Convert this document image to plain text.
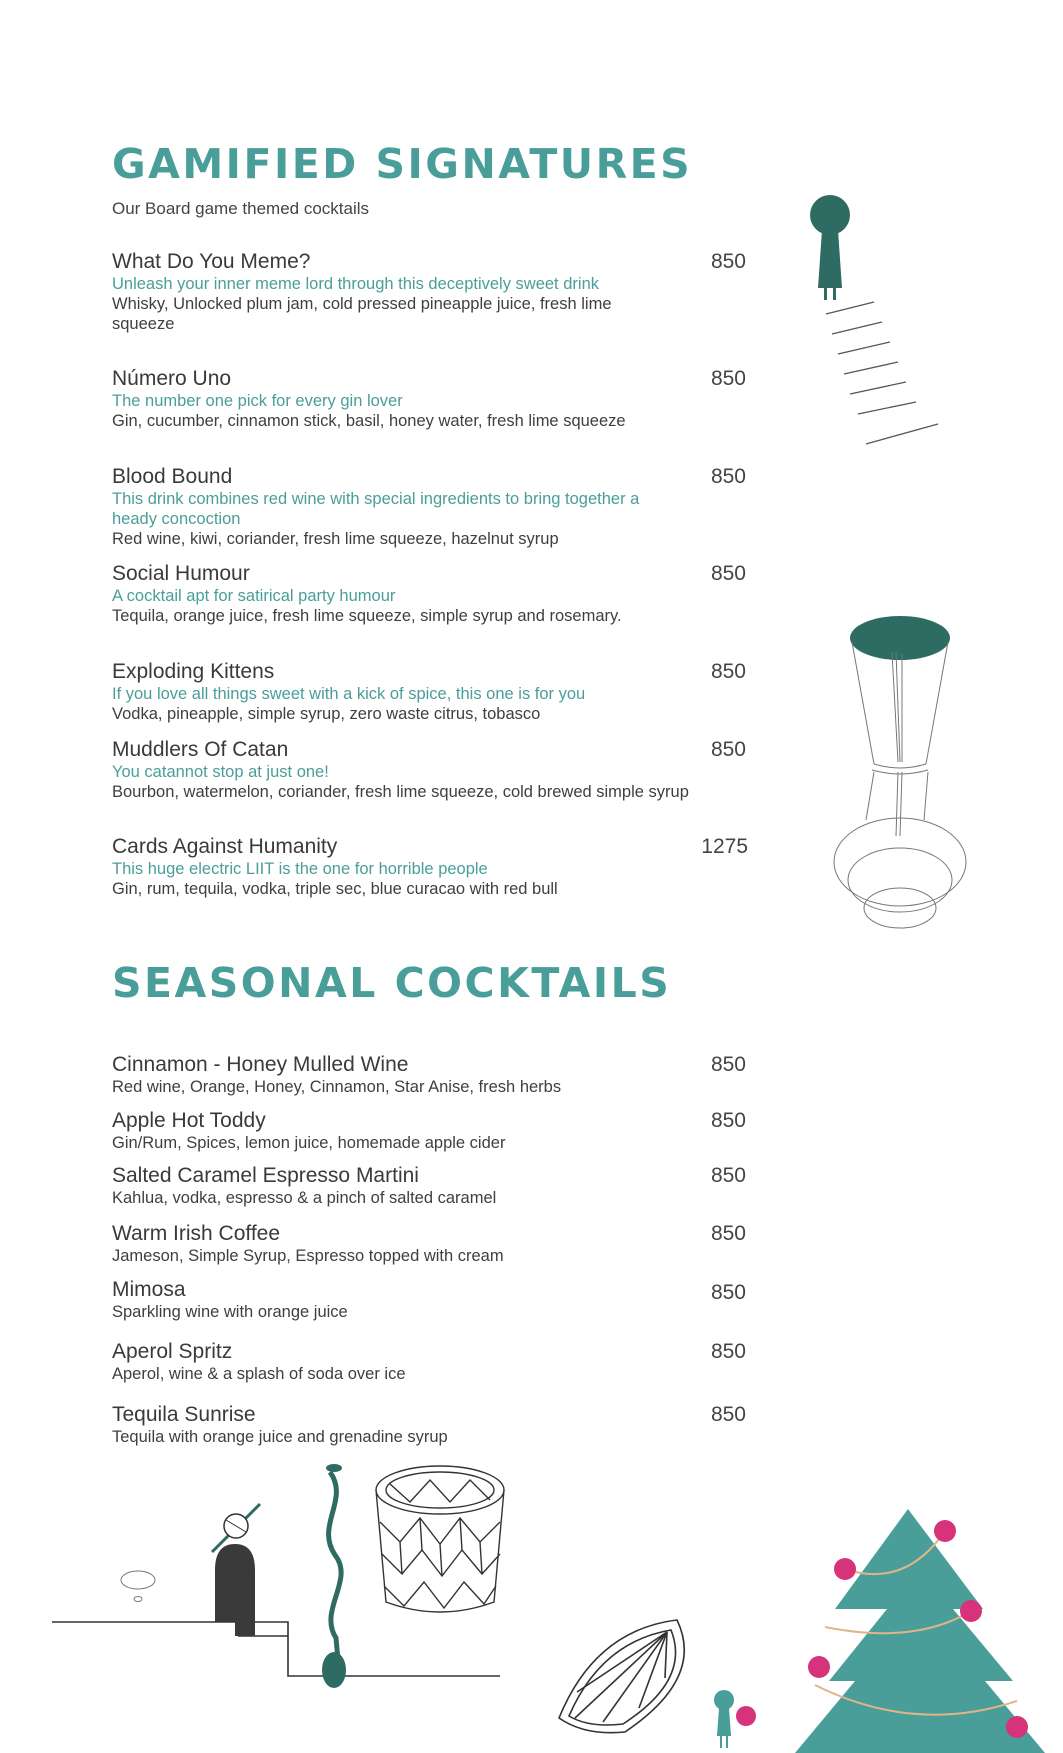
GAMIFIED SIGNATURES
Our Board game themed cocktails
What Do You Meme?
Unleash your inner meme lord through this deceptively sweet drink
Whisky, Unlocked plum jam, cold pressed pineapple juice, fresh lime squeeze
850
Número Uno
The number one pick for every gin lover
Gin, cucumber, cinnamon stick, basil, honey water, fresh lime squeeze
850
Blood Bound
This drink combines red wine with special ingredients to bring together a heady concoction
Red wine, kiwi, coriander, fresh lime squeeze, hazelnut syrup
850
Social Humour
A cocktail apt for satirical party humour
Tequila, orange juice, fresh lime squeeze, simple syrup and rosemary.
850
Exploding Kittens
If you love all things sweet with a kick of spice, this one is for you
Vodka, pineapple, simple syrup, zero waste citrus, tobasco
850
Muddlers Of Catan
You catannot stop at just one!
Bourbon, watermelon, coriander, fresh lime squeeze, cold brewed simple syrup
850
Cards Against Humanity
This huge electric LIIT is the one for horrible people
Gin, rum, tequila, vodka, triple sec, blue curacao with red bull
1275
SEASONAL COCKTAILS
Cinnamon - Honey Mulled Wine
Red wine, Orange, Honey, Cinnamon, Star Anise, fresh herbs
850
Apple Hot Toddy
Gin/Rum, Spices, lemon juice, homemade apple cider
850
Salted Caramel Espresso Martini
Kahlua, vodka, espresso & a pinch of salted caramel
850
Warm Irish Coffee
Jameson, Simple Syrup, Espresso topped with cream
850
Mimosa
Sparkling wine with orange juice
850
Aperol Spritz
Aperol, wine & a splash of soda over ice
850
Tequila Sunrise
Tequila with orange juice and grenadine syrup
850
